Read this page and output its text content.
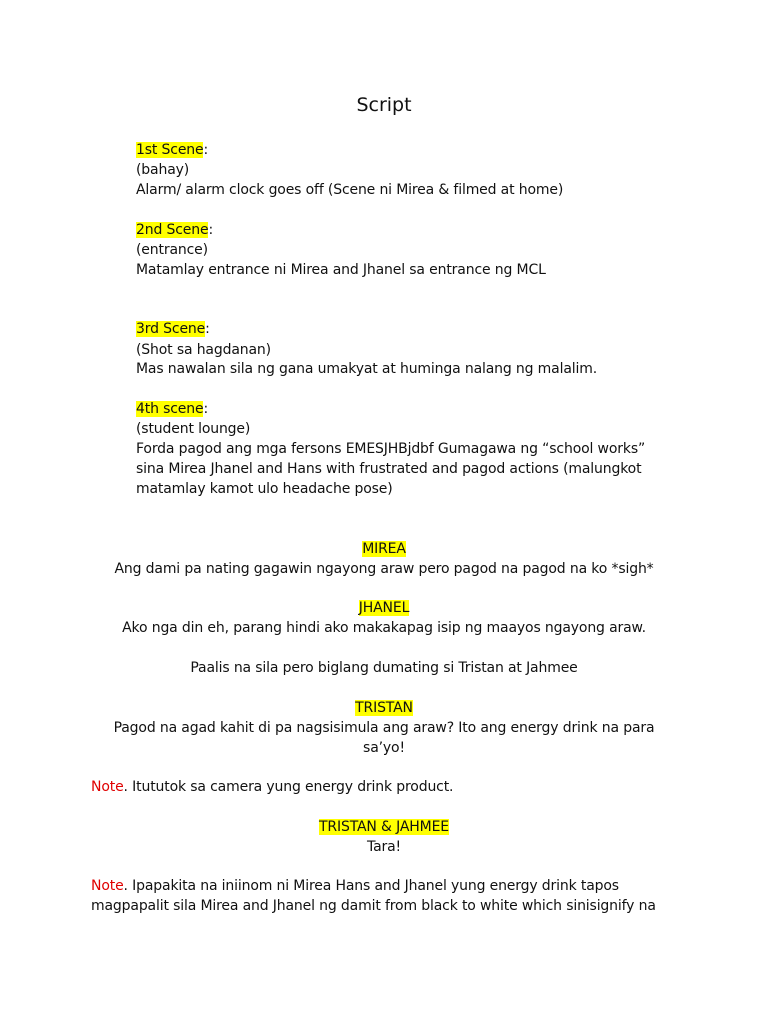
Script
1st Scene:
(bahay)
Alarm/ alarm clock goes off (Scene ni Mirea & filmed at home)
2nd Scene:
(entrance)
Matamlay entrance ni Mirea and Jhanel sa entrance ng MCL
3rd Scene:
(Shot sa hagdanan)
Mas nawalan sila ng gana umakyat at huminga nalang ng malalim.
4th scene:
(student lounge)
Forda pagod ang mga fersons EMESJHBjdbf Gumagawa ng “school works”
sina Mirea Jhanel and Hans with frustrated and pagod actions (malungkot
matamlay kamot ulo headache pose)
MIREA
Ang dami pa nating gagawin ngayong araw pero pagod na pagod na ko *sigh*
JHANEL
Ako nga din eh, parang hindi ako makakapag isip ng maayos ngayong araw.
Paalis na sila pero biglang dumating si Tristan at Jahmee
TRISTAN
Pagod na agad kahit di pa nagsisimula ang araw? Ito ang energy drink na para
sa’yo!
Note. Itututok sa camera yung energy drink product.
TRISTAN & JAHMEE
Tara!
Note. Ipapakita na iniinom ni Mirea Hans and Jhanel yung energy drink tapos
magpapalit sila Mirea and Jhanel ng damit from black to white which sinisignify na
